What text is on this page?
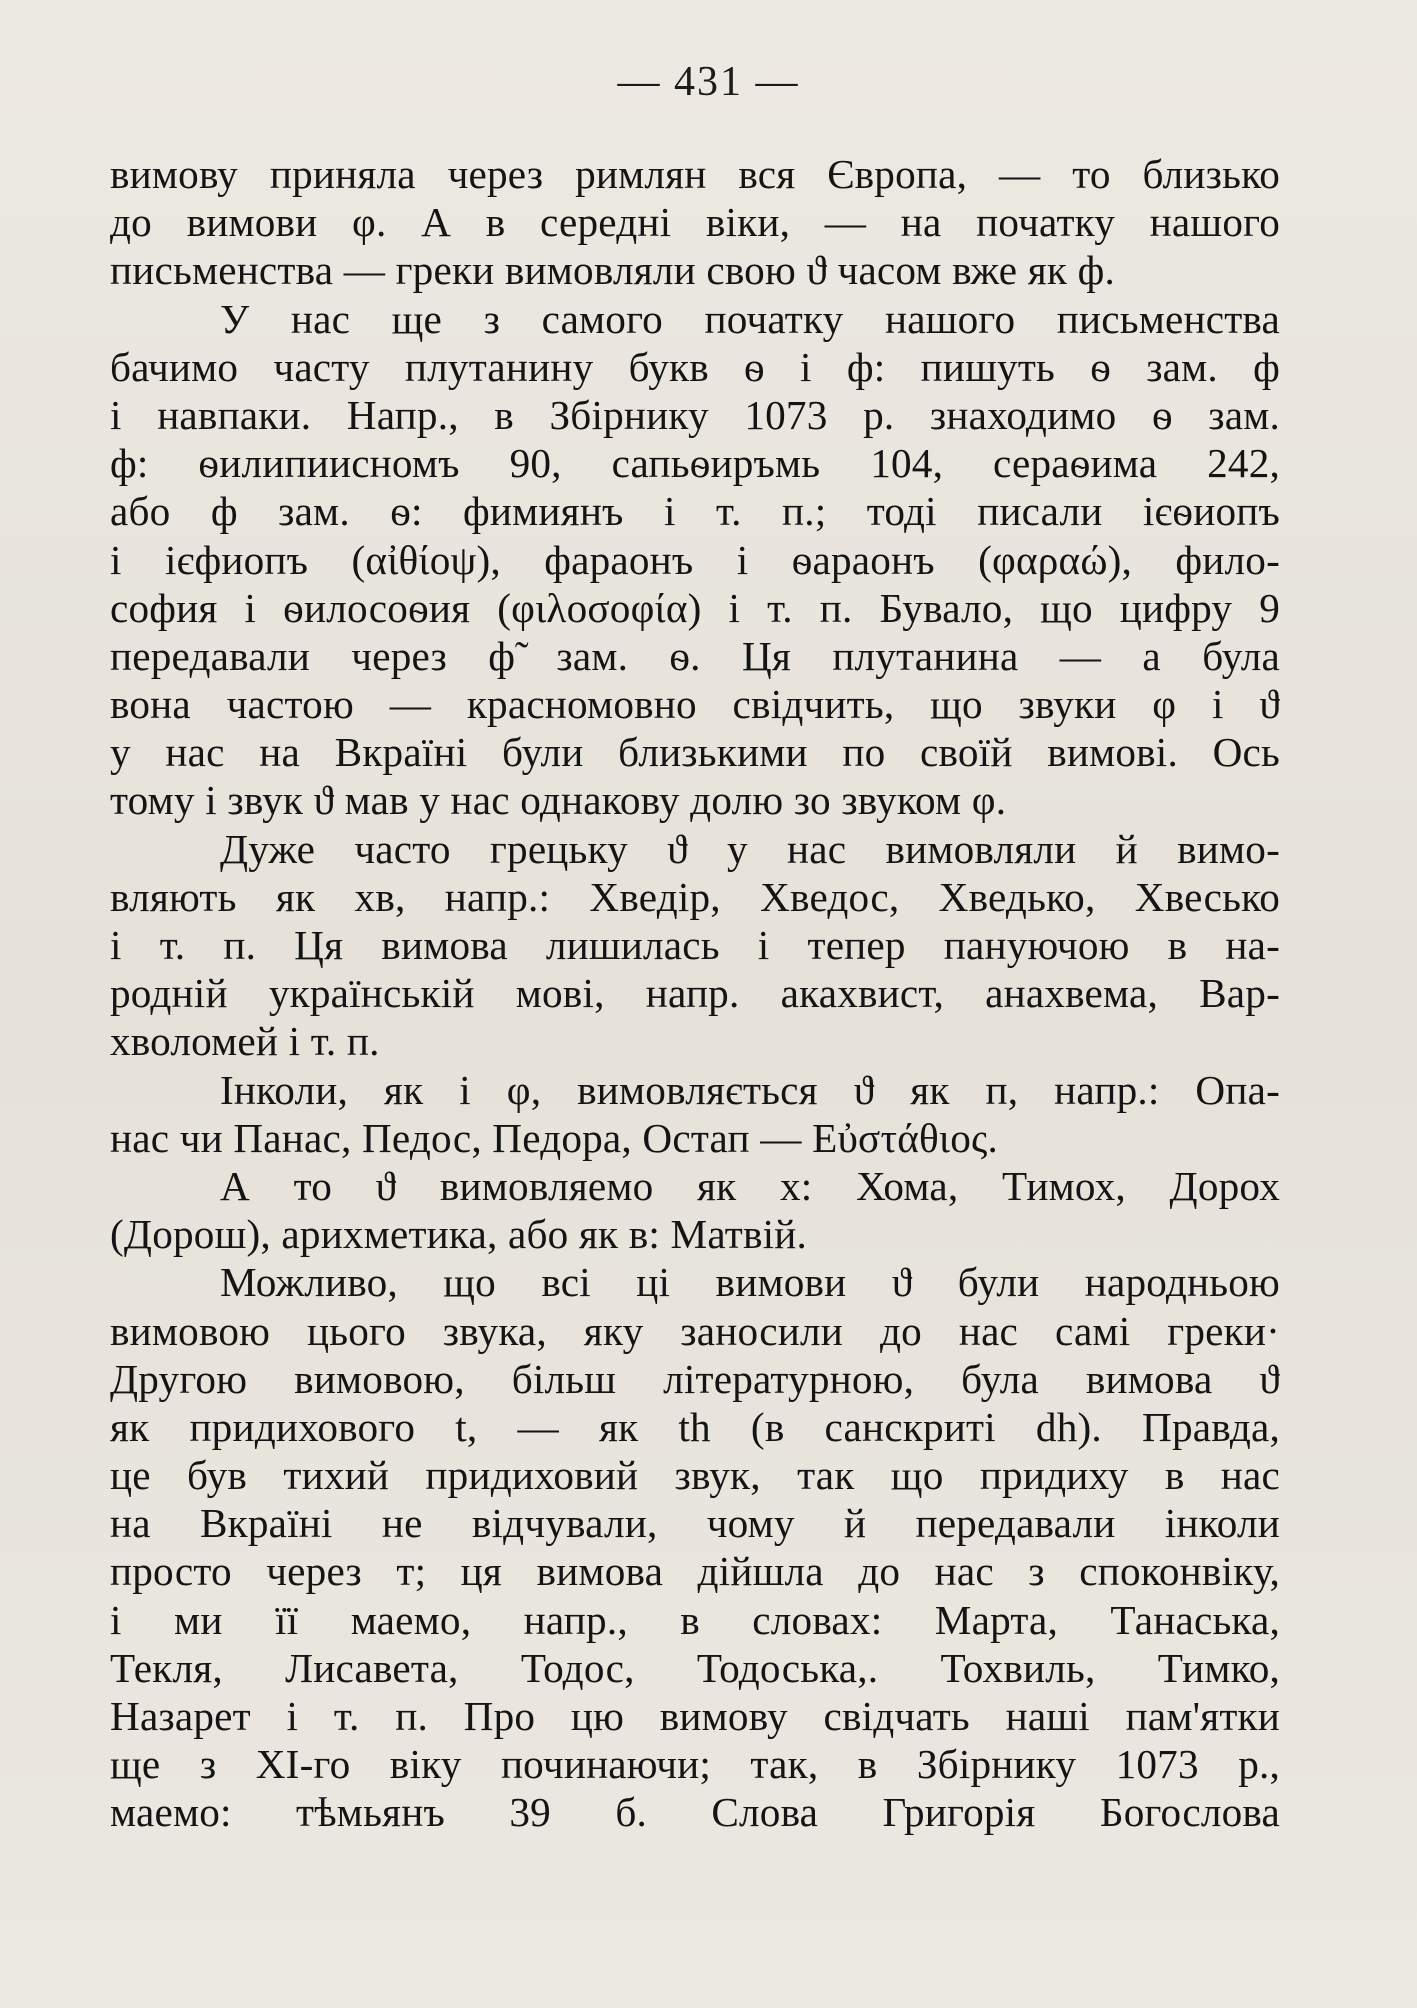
— 431 —
вимову приняла через римлян вся Європа, — то близько
до вимови φ. А в середні віки, — на початку нашого
письменства — греки вимовляли свою ϑ часом вже як ф.
У нас ще з самого початку нашого письменства
бачимо часту плутанину букв ѳ і ф: пишуть ѳ зам. ф
і навпаки. Напр., в Збірнику 1073 р. знаходимо ѳ зам.
ф: ѳилипиисномъ 90, сапьѳиръмь 104, сераѳима 242,
або ф зам. ѳ: фимиянъ і т. п.; тоді писали ієѳиопъ
і ієфиопъ (αἰθίοψ), фараонъ і ѳараонъ (φαραώ), фило-
софия і ѳилосоѳия (φιλοσοφία) і т. п. Бувало, що цифру 9
передавали через ф̃ зам. ѳ. Ця плутанина — а була
вона частою — красномовно свідчить, що звуки φ і ϑ
у нас на Вкраїні були близькими по своїй вимові. Ось
тому і звук ϑ мав у нас однакову долю зо звуком φ.
Дуже часто грецьку ϑ у нас вимовляли й вимо-
вляють як хв, напр.: Хведір, Хведос, Хведько, Хвесько
і т. п. Ця вимова лишилась і тепер пануючою в на-
родній українській мові, напр. акахвист, анахвема, Вар-
хволомей і т. п.
Інколи, як і φ, вимовляється ϑ як п, напр.: Опа-
нас чи Панас, Педос, Педора, Остап — Εὐστάθιος.
А то ϑ вимовляемо як х: Хома, Тимох, Дорох
(Дорош), арихметика, або як в: Матвій.
Можливо, що всі ці вимови ϑ були народньою
вимовою цього звука, яку заносили до нас самі греки·
Другою вимовою, більш літературною, була вимова ϑ
як придихового t, — як th (в санскриті dh). Правда,
це був тихий придиховий звук, так що придиху в нас
на Вкраїні не відчували, чому й передавали інколи
просто через т; ця вимова дійшла до нас з споконвіку,
і ми її маемо, напр., в словах: Марта, Танаська,
Текля, Лисавета, Тодос, Тодоська,. Тохвиль, Тимко,
Назарет і т. п. Про цю вимову свідчать наші пам'ятки
ще з ХІ-го віку починаючи; так, в Збірнику 1073 р.,
маемо: тѣмьянъ 39 б. Слова Григорія Богослова
